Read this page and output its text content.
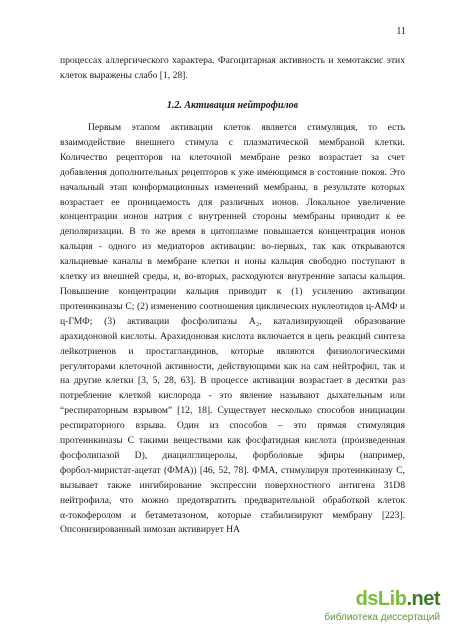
11
процессах аллергического характера. Фагоцитарная активность и хемотаксис этих
клеток выражены слабо [1, 28].
1.2. Активация нейтрофилов
Первым этапом активации клеток является стимуляция, то есть
взаимодействие внешнего стимула с плазматической мембраной клетки.
Количество рецепторов на клеточной мембране резко возрастает за счет
добавления дополнительных рецепторов к уже имеющимся в состояние покоя. Это
начальный этап конформационных изменений мембраны, в результате которых
возрастает ее проницаемость для различных ионов. Локальное увеличение
концентрации ионов натрия с внутренней стороны мембраны приводит к ее
деполяризации. В то же время в цитоплазме повышается концентрация ионов
кальция - одного из медиаторов активации: во-первых, так как открываются
кальциевые каналы в мембране клетки и ионы кальция свободно поступают в
клетку из внешней среды, и, во-вторых, расходуются внутренние запасы кальция.
Повышение концентрации кальция приводит к (1) усилению активации
протеинкиназы С; (2) изменению соотношения циклических нуклеотидов ц-АМФ и
ц-ГМФ; (3) активации фосфолипазы А₂, катализирующей образование
арахидоновой кислоты. Арахидоновая кислота включается в цепь реакций синтеза
лейкотриенов и простагландинов, которые являются физиологическими
регуляторами клеточной активности, действующими как на сам нейтрофил, так и
на другие клетки [3, 5, 28, 63]. В процессе активации возрастает в десятки раз
потребление клеткой кислорода - это явление называют дыхательным или
“респираторным взрывом” [12, 18]. Существует несколько способов инициации
респираторного взрыва. Один из способов – это прямая стимуляция
протеинкиназы С такими веществами как фосфатидная кислота (произведенная
фосфолипазой D), диацилглицеролы, форболовые эфиры (например,
форбол-миристат-ацетат (ФМА)) [46, 52, 78]. ФМА, стимулируя протеинкиназу С,
вызывает также ингибирование экспрессии поверхностного антигена 31D8
нейтрофила, что можно предотвратить предварительной обработкой клеток
α-токоферолом и бетаметазоном, которые стабилизируют мембрану [223].
Опсонизированный зимозан активирует НА
dsLib.net
библиотека диссертаций
